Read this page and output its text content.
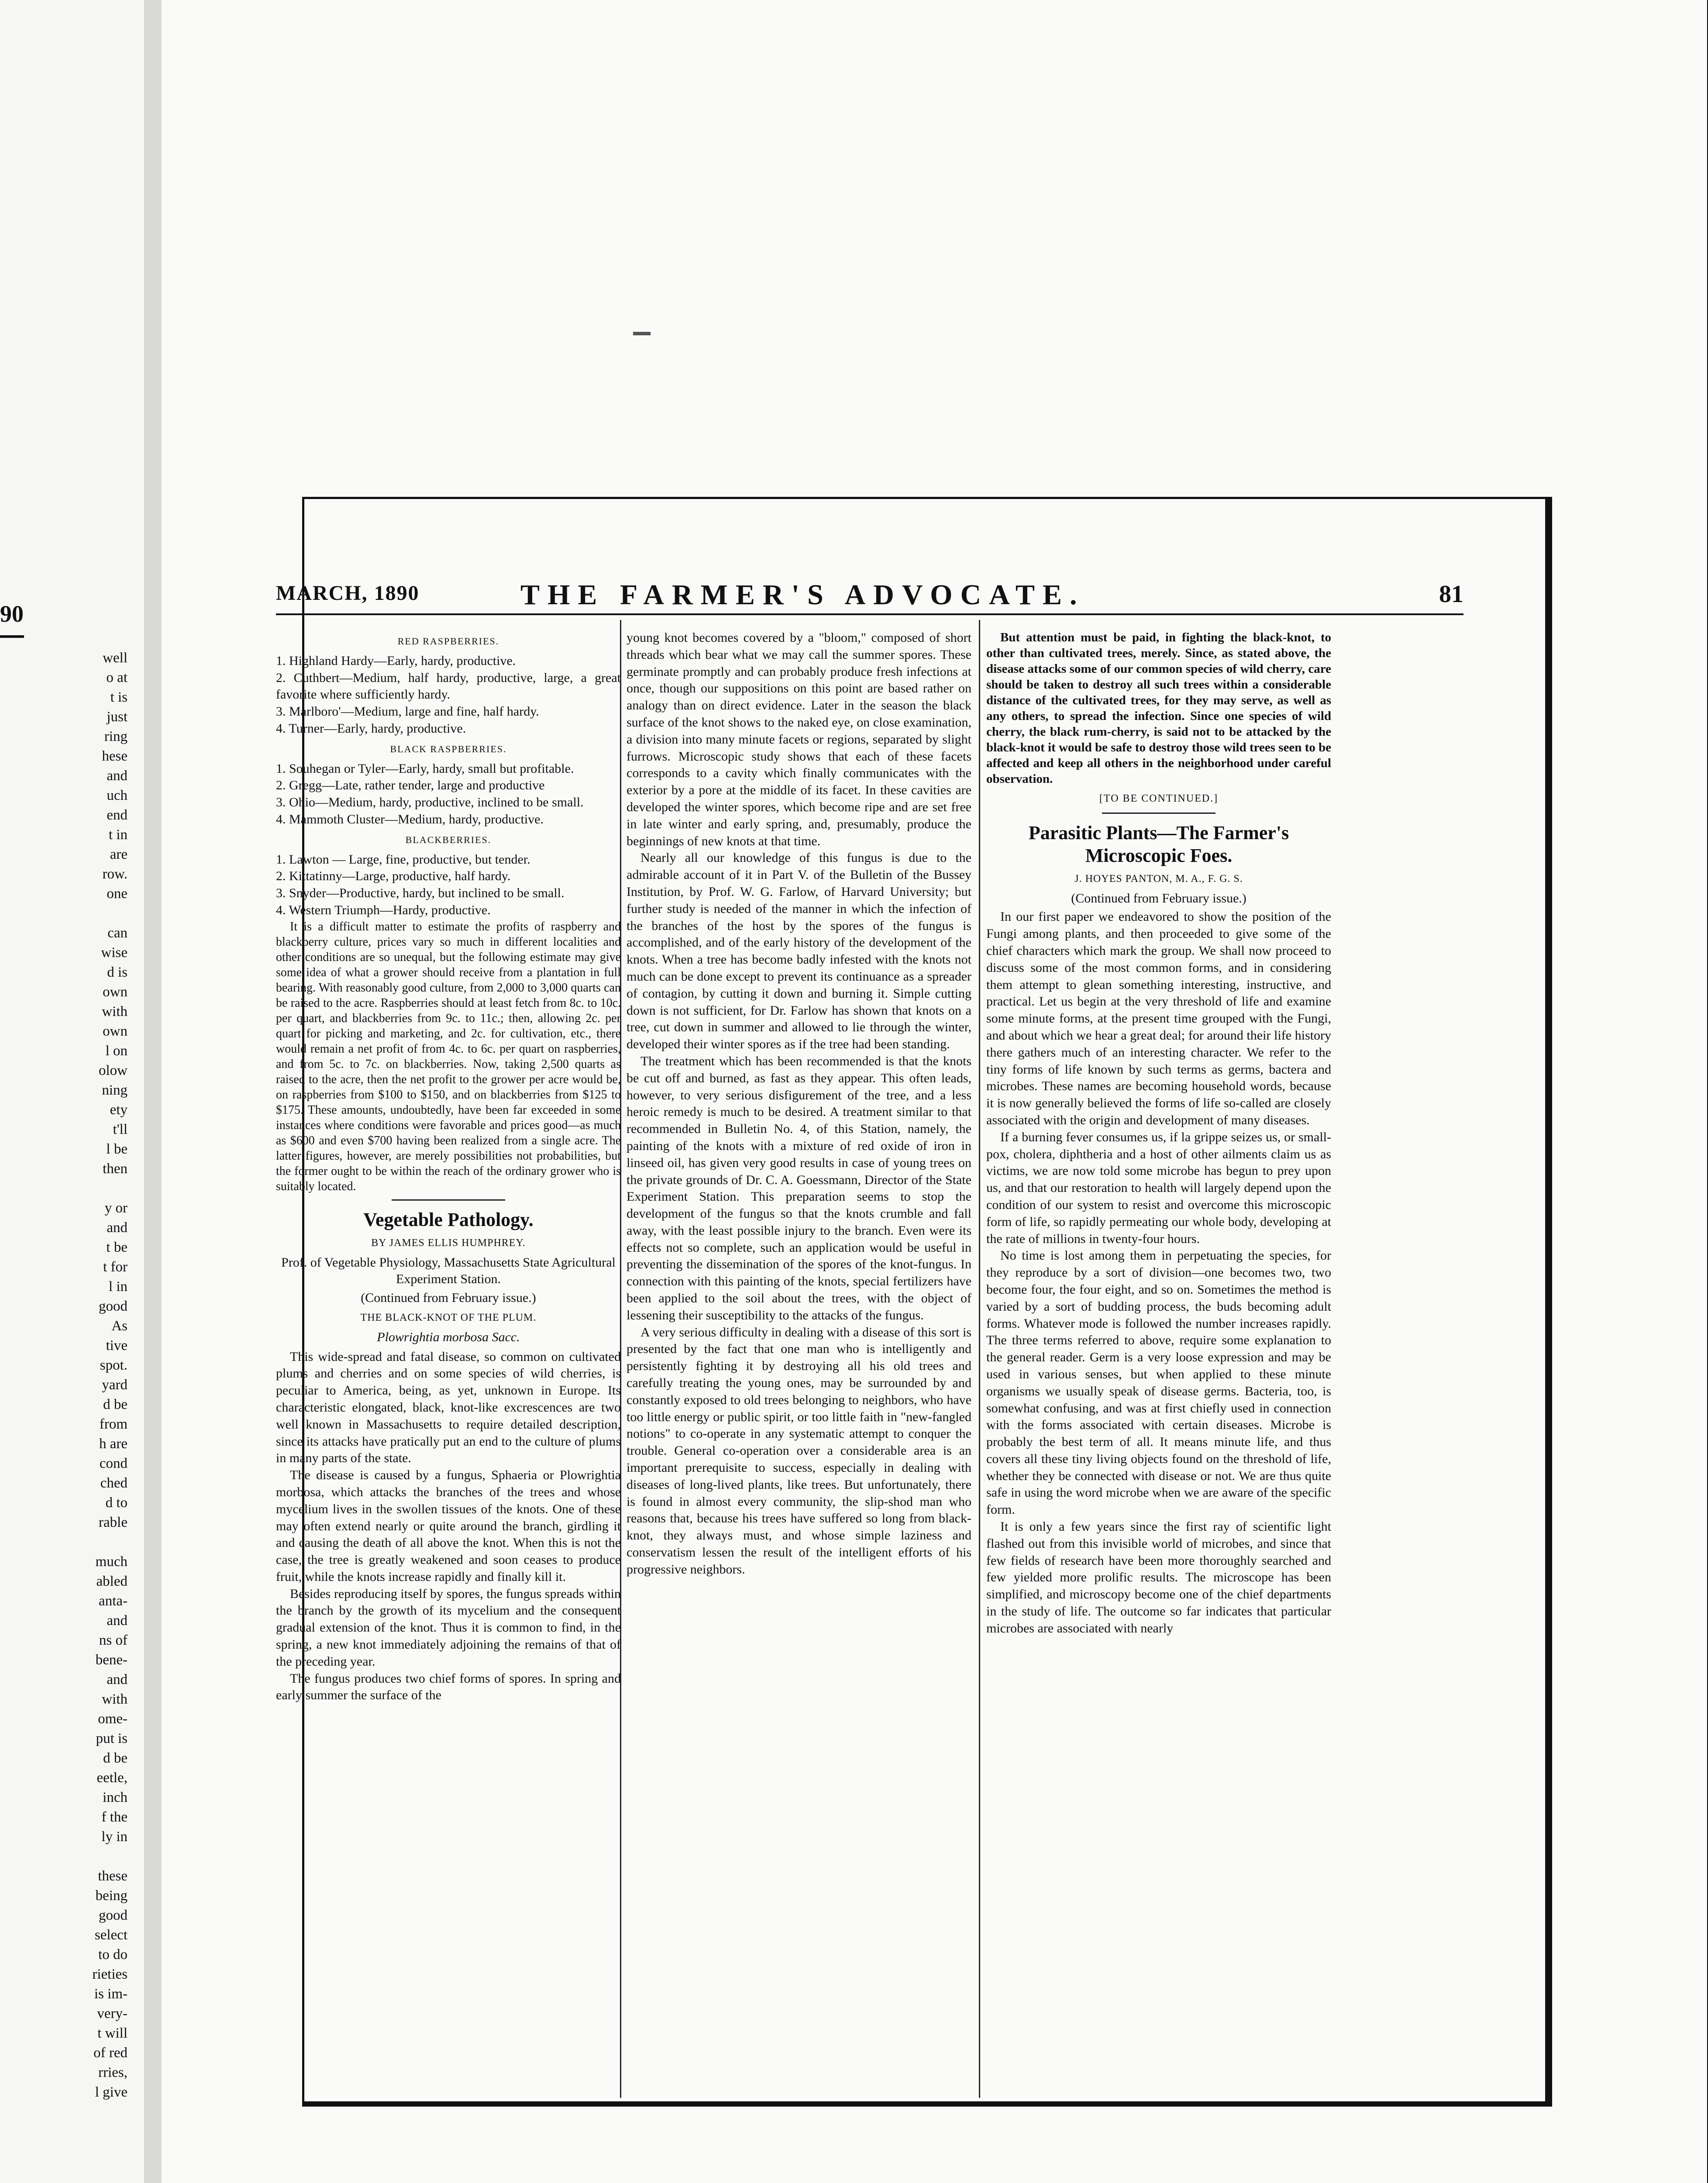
90
well
o at
t is
just
ring
hese
and
uch
end
t in
are
row.
one

can
wise
d is
own
with
own
l on
olow
ning
ety
t'll
l be
then

y or
and
t be
t for
l in
good
As
tive
spot.
yard
d be
from
h are
cond
ched
d to
rable

much
abled
anta-
and
ns of
bene-
and
with
ome-
put is
d be
eetle,
inch
f the
ly in

these
being
good
select
to do
rieties
is im-
very-
t will
of red
rries,
l give
MARCH, 1890	THE FARMER'S ADVOCATE.	81

RED RASPBERRIES.

1. Highland Hardy—Early, hardy, productive.

2. Cuthbert—Medium, half hardy, productive, large, a great favorite where sufficiently hardy.

3. Marlboro'—Medium, large and fine, half hardy.

4. Turner—Early, hardy, productive.

BLACK RASPBERRIES.

1. Souhegan or Tyler—Early, hardy, small but profitable.

2. Gregg—Late, rather tender, large and productive

3. Ohio—Medium, hardy, productive, inclined to be small.

4. Mammoth Cluster—Medium, hardy, productive.

BLACKBERRIES.

1. Lawton — Large, fine, productive, but tender.

2. Kittatinny—Large, productive, half hardy.

3. Snyder—Productive, hardy, but inclined to be small.

4. Western Triumph—Hardy, productive.

It is a difficult matter to estimate the profits of raspberry and blackberry culture, prices vary so much in different localities and other conditions are so unequal, but the following estimate may give some idea of what a grower should receive from a plantation in full bearing. With reasonably good culture, from 2,000 to 3,000 quarts can be raised to the acre. Raspberries should at least fetch from 8c. to 10c. per quart, and blackberries from 9c. to 11c.; then, allowing 2c. per quart for picking and marketing, and 2c. for cultivation, etc., there would remain a net profit of from 4c. to 6c. per quart on raspberries, and from 5c. to 7c. on blackberries. Now, taking 2,500 quarts as raised to the acre, then the net profit to the grower per acre would be, on raspberries from $100 to $150, and on blackberries from $125 to $175. These amounts, undoubtedly, have been far exceeded in some instances where conditions were favorable and prices good—as much as $600 and even $700 having been realized from a single acre. The latter figures, however, are merely possibilities not probabilities, but the former ought to be within the reach of the ordinary grower who is suitably located.

Vegetable Pathology.

BY JAMES ELLIS HUMPHREY.

Prof. of Vegetable Physiology, Massachusetts State Agricultural Experiment Station.

(Continued from February issue.)

THE BLACK-KNOT OF THE PLUM.

Plowrightia morbosa Sacc.

This wide-spread and fatal disease, so common on cultivated plums and cherries and on some species of wild cherries, is peculiar to America, being, as yet, unknown in Europe. Its characteristic elongated, black, knot-like excrescences are two well known in Massachusetts to require detailed description, since its attacks have pratically put an end to the culture of plums in many parts of the state.

The disease is caused by a fungus, Sphaeria or Plowrightia morbosa, which attacks the branches of the trees and whose mycelium lives in the swollen tissues of the knots. One of these may often extend nearly or quite around the branch, girdling it and causing the death of all above the knot. When this is not the case, the tree is greatly weakened and soon ceases to produce fruit, while the knots increase rapidly and finally kill it.

Besides reproducing itself by spores, the fungus spreads within the branch by the growth of its mycelium and the consequent gradual extension of the knot. Thus it is common to find, in the spring, a new knot immediately adjoining the remains of that of the preceding year.

The fungus produces two chief forms of spores. In spring and early summer the surface of the

young knot becomes covered by a "bloom," composed of short threads which bear what we may call the summer spores. These germinate promptly and can probably produce fresh infections at once, though our suppositions on this point are based rather on analogy than on direct evidence. Later in the season the black surface of the knot shows to the naked eye, on close examination, a division into many minute facets or regions, separated by slight furrows. Microscopic study shows that each of these facets corresponds to a cavity which finally communicates with the exterior by a pore at the middle of its facet. In these cavities are developed the winter spores, which become ripe and are set free in late winter and early spring, and, presumably, produce the beginnings of new knots at that time.

Nearly all our knowledge of this fungus is due to the admirable account of it in Part V. of the Bulletin of the Bussey Institution, by Prof. W. G. Farlow, of Harvard University; but further study is needed of the manner in which the infection of the branches of the host by the spores of the fungus is accomplished, and of the early history of the development of the knots. When a tree has become badly infested with the knots not much can be done except to prevent its continuance as a spreader of contagion, by cutting it down and burning it. Simple cutting down is not sufficient, for Dr. Farlow has shown that knots on a tree, cut down in summer and allowed to lie through the winter, developed their winter spores as if the tree had been standing.

The treatment which has been recommended is that the knots be cut off and burned, as fast as they appear. This often leads, however, to very serious disfigurement of the tree, and a less heroic remedy is much to be desired. A treatment similar to that recommended in Bulletin No. 4, of this Station, namely, the painting of the knots with a mixture of red oxide of iron in linseed oil, has given very good results in case of young trees on the private grounds of Dr. C. A. Goessmann, Director of the State Experiment Station. This preparation seems to stop the development of the fungus so that the knots crumble and fall away, with the least possible injury to the branch. Even were its effects not so complete, such an application would be useful in preventing the dissemination of the spores of the knot-fungus. In connection with this painting of the knots, special fertilizers have been applied to the soil about the trees, with the object of lessening their susceptibility to the attacks of the fungus.

A very serious difficulty in dealing with a disease of this sort is presented by the fact that one man who is intelligently and persistently fighting it by destroying all his old trees and carefully treating the young ones, may be surrounded by and constantly exposed to old trees belonging to neighbors, who have too little energy or public spirit, or too little faith in "new-fangled notions" to co-operate in any systematic attempt to conquer the trouble. General co-operation over a considerable area is an important prerequisite to success, especially in dealing with diseases of long-lived plants, like trees. But unfortunately, there is found in almost every community, the slip-shod man who reasons that, because his trees have suffered so long from black-knot, they always must, and whose simple laziness and conservatism lessen the result of the intelligent efforts of his progressive neighbors.

But attention must be paid, in fighting the black-knot, to other than cultivated trees, merely. Since, as stated above, the disease attacks some of our common species of wild cherry, care should be taken to destroy all such trees within a considerable distance of the cultivated trees, for they may serve, as well as any others, to spread the infection. Since one species of wild cherry, the black rum-cherry, is said not to be attacked by the black-knot it would be safe to destroy those wild trees seen to be affected and keep all others in the neighborhood under careful observation.

[TO BE CONTINUED.]

Parasitic Plants—The Farmer's Microscopic Foes.

J. HOYES PANTON, M. A., F. G. S.

(Continued from February issue.)

In our first paper we endeavored to show the position of the Fungi among plants, and then proceeded to give some of the chief characters which mark the group. We shall now proceed to discuss some of the most common forms, and in considering them attempt to glean something interesting, instructive, and practical. Let us begin at the very threshold of life and examine some minute forms, at the present time grouped with the Fungi, and about which we hear a great deal; for around their life history there gathers much of an interesting character. We refer to the tiny forms of life known by such terms as germs, bactera and microbes. These names are becoming household words, because it is now generally believed the forms of life so-called are closely associated with the origin and development of many diseases.

If a burning fever consumes us, if la grippe seizes us, or small-pox, cholera, diphtheria and a host of other ailments claim us as victims, we are now told some microbe has begun to prey upon us, and that our restoration to health will largely depend upon the condition of our system to resist and overcome this microscopic form of life, so rapidly permeating our whole body, developing at the rate of millions in twenty-four hours.

No time is lost among them in perpetuating the species, for they reproduce by a sort of division—one becomes two, two become four, the four eight, and so on. Sometimes the method is varied by a sort of budding process, the buds becoming adult forms. Whatever mode is followed the number increases rapidly. The three terms referred to above, require some explanation to the general reader. Germ is a very loose expression and may be used in various senses, but when applied to these minute organisms we usually speak of disease germs. Bacteria, too, is somewhat confusing, and was at first chiefly used in connection with the forms associated with certain diseases. Microbe is probably the best term of all. It means minute life, and thus covers all these tiny living objects found on the threshold of life, whether they be connected with disease or not. We are thus quite safe in using the word microbe when we are aware of the specific form.

It is only a few years since the first ray of scientific light flashed out from this invisible world of microbes, and since that few fields of research have been more thoroughly searched and few yielded more prolific results. The microscope has been simplified, and microscopy become one of the chief departments in the study of life. The outcome so far indicates that particular microbes are associated with nearly
